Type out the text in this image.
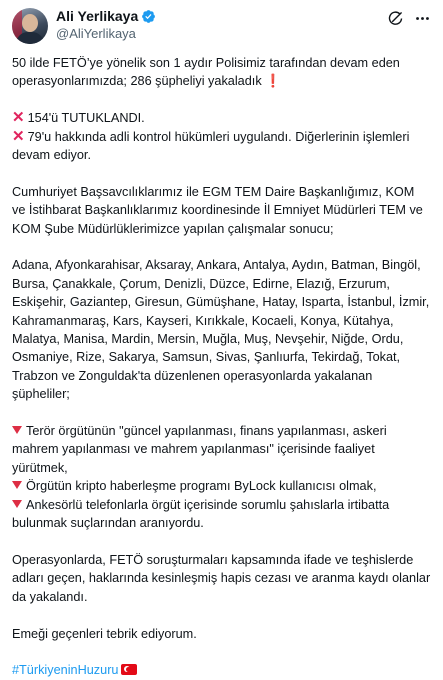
Ali Yerlikaya
@AliYerlikaya

50 ilde FETÖ’ye yönelik son 1 aydır Polisimiz tarafından devam eden operasyonlarımızda; 286 şüpheliyi yakaladık ❗

✕ 154'ü TUTUKLANDI.

✕ 79'u hakkında adli kontrol hükümleri uygulandı. Diğerlerinin işlemleri devam ediyor.

Cumhuriyet Başsavcılıklarımız ile EGM TEM Daire Başkanlığımız, KOM ve İstihbarat Başkanlıklarımız koordinesinde İl Emniyet Müdürleri TEM ve KOM Şube Müdürlüklerimizce yapılan çalışmalar sonucu;

Adana, Afyonkarahisar, Aksaray, Ankara, Antalya, Aydın, Batman, Bingöl, Bursa, Çanakkale, Çorum, Denizli, Düzce, Edirne, Elazığ, Erzurum, Eskişehir, Gaziantep, Giresun, Gümüşhane, Hatay, Isparta, İstanbul, İzmir, Kahramanmaraş, Kars, Kayseri, Kırıkkale, Kocaeli, Konya, Kütahya, Malatya, Manisa, Mardin, Mersin, Muğla, Muş, Nevşehir, Niğde, Ordu, Osmaniye, Rize, Sakarya, Samsun, Sivas, Şanlıurfa, Tekirdağ, Tokat, Trabzon ve Zonguldak'ta düzenlenen operasyonlarda yakalanan şüpheliler;

Terör örgütünün "güncel yapılanması, finans yapılanması, askeri mahrem yapılanması ve mahrem yapılanması" içerisinde faaliyet yürütmek,

Örgütün kripto haberleşme programı ByLock kullanıcısı olmak,

Ankesörlü telefonlarla örgüt içerisinde sorumlu şahıslarla irtibatta bulunmak suçlarından aranıyordu.

Operasyonlarda, FETÖ soruşturmaları kapsamında ifade ve teşhislerde adları geçen, haklarında kesinleşmiş hapis cezası ve aranma kaydı olanlar da yakalandı.

Emeği geçenleri tebrik ediyorum.

#TürkiyeninHuzuru
